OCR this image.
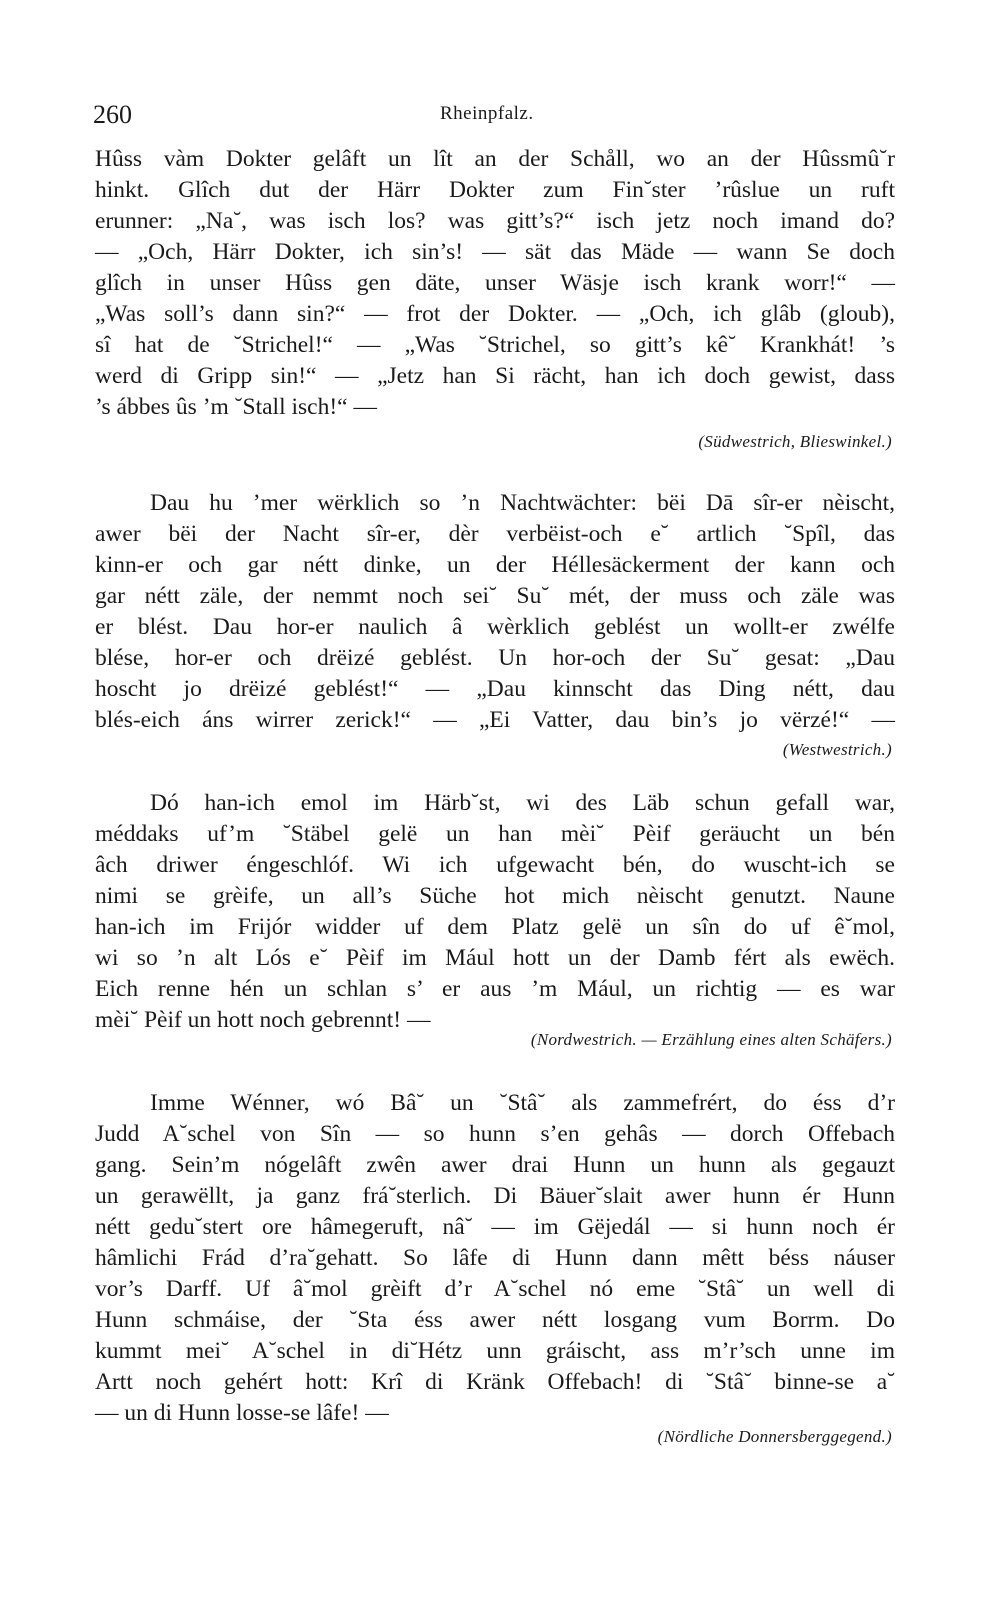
260	Rheinpfalz.
Hûss vàm Dokter gelâft un lît an der Schåll, wo an der Hûssmû˘r
hinkt. Glîch dut der Härr Dokter zum Fin˘ster ’rûslue un ruft
erunner: „Na˘, was isch los? was gitt’s?“ isch jetz noch imand do?
— „Och, Härr Dokter, ich sin’s! — sät das Mäde — wann Se doch
glîch in unser Hûss gen däte, unser Wäsje isch krank worr!“ —
„Was soll’s dann sin?“ — frot der Dokter. — „Och, ich glâb (gloub),
sî hat de ˘Strichel!“ — „Was ˘Strichel, so gitt’s kê˘ Krankhát! ’s
werd di Gripp sin!“ — „Jetz han Si rächt, han ich doch gewist, dass
’s ábbes ûs ’m ˘Stall isch!“ —
(Südwestrich, Blieswinkel.)
Dau hu ’mer wërklich so ’n Nachtwächter: bëi Dā sîr-er nèischt,
awer bëi der Nacht sîr-er, dèr verbëist-och e˘ artlich ˘Spîl, das
kinn-er och gar nétt dinke, un der Héllesäckerment der kann och
gar nétt zäle, der nemmt noch sei˘ Su˘ mét, der muss och zäle was
er blést. Dau hor-er naulich â wèrklich geblést un wollt-er zwélfe
blése, hor-er och drëizé geblést. Un hor-och der Su˘ gesat: „Dau
hoscht jo drëizé geblést!“ — „Dau kinnscht das Ding nétt, dau
blés-eich áns wirrer zerick!“ — „Ei Vatter, dau bin’s jo vërzé!“ —
(Westwestrich.)
Dó han-ich emol im Härb˘st, wi des Läb schun gefall war,
méddaks uf’m ˘Stäbel gelë un han mèi˘ Pèif geräucht un bén
âch driwer éngeschlóf. Wi ich ufgewacht bén, do wuscht-ich se
nimi se grèife, un all’s Süche hot mich nèischt genutzt. Naune
han-ich im Frijór widder uf dem Platz gelë un sîn do uf ê˘mol,
wi so ’n alt Lós e˘ Pèif im Mául hott un der Damb fért als ewëch.
Eich renne hén un schlan s’ er aus ’m Mául, un richtig — es war
mèi˘ Pèif un hott noch gebrennt! —
(Nordwestrich. — Erzählung eines alten Schäfers.)
Imme Wénner, wó Bâ˘ un ˘Stâ˘ als zammefrért, do éss d’r
Judd A˘schel von Sîn — so hunn s’en gehâs — dorch Offebach
gang. Sein’m nógelâft zwên awer drai Hunn un hunn als gegauzt
un gerawëllt, ja ganz frá˘sterlich. Di Bäuer˘slait awer hunn ér Hunn
nétt gedu˘stert ore hâmegeruft, nâ˘ — im Gëjedál — si hunn noch ér
hâmlichi Frád d’ra˘gehatt. So lâfe di Hunn dann mêtt béss náuser
vor’s Darff. Uf â˘mol grèift d’r A˘schel nó eme ˘Stâ˘ un well di
Hunn schmáise, der ˘Sta éss awer nétt losgang vum Borrm. Do
kummt mei˘ A˘schel in di˘Hétz unn gráischt, ass m’r’sch unne im
Artt noch gehért hott: Krî di Kränk Offebach! di ˘Stâ˘ binne-se a˘
— un di Hunn losse-se lâfe! —
(Nördliche Donnersberggegend.)
